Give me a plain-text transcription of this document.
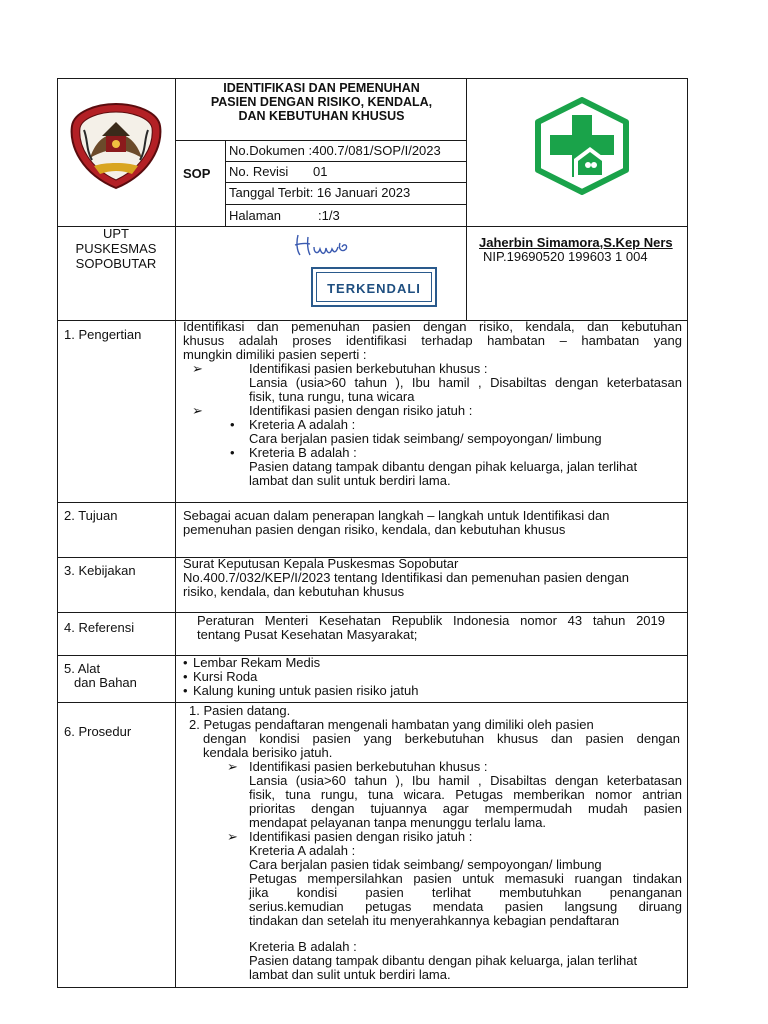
IDENTIFIKASI DAN PEMENUHAN
PASIEN DENGAN RISIKO, KENDALA,
DAN KEBUTUHAN KHUSUS
SOP
No.Dokumen :400.7/081/SOP/I/2023
No. Revisi 01
Tanggal Terbit: 16 Januari 2023
Halaman	:1/3
UPT
PUSKESMAS
SOPOBUTAR
TERKENDALI
Jaherbin Simamora,S.Kep Ners
NIP.19690520 199603 1 004
1. Pengertian
Identifikasi dan pemenuhan pasien dengan risiko, kendala, dan kebutuhan
khusus adalah proses identifikasi terhadap hambatan – hambatan yang
mungkin dimiliki pasien seperti :
➢	Identifikasi pasien berkebutuhan khusus :
Lansia (usia>60 tahun ), Ibu hamil , Disabiltas dengan keterbatasan
fisik, tuna rungu, tuna wicara
➢	Identifikasi pasien dengan risiko jatuh :
• Kreteria A adalah :
Cara berjalan pasien tidak seimbang/ sempoyongan/ limbung
• Kreteria B adalah :
Pasien datang tampak dibantu dengan pihak keluarga, jalan terlihat
lambat dan sulit untuk berdiri lama.
2. Tujuan	Sebagai acuan dalam penerapan langkah – langkah untuk Identifikasi dan
pemenuhan pasien dengan risiko, kendala, dan kebutuhan khusus
3. Kebijakan	Surat Keputusan Kepala Puskesmas Sopobutar
No.400.7/032/KEP/I/2023 tentang Identifikasi dan pemenuhan pasien dengan
risiko, kendala, dan kebutuhan khusus
4. Referensi	Peraturan Menteri Kesehatan Republik Indonesia nomor 43 tahun 2019
tentang Pusat Kesehatan Masyarakat;
5. Alat
dan Bahan
• Lembar Rekam Medis
• Kursi Roda
• Kalung kuning untuk pasien risiko jatuh
6. Prosedur
1. Pasien datang.
2. Petugas pendaftaran mengenali hambatan yang dimiliki oleh pasien
dengan kondisi pasien yang berkebutuhan khusus dan pasien dengan
kendala berisiko jatuh.
➢ Identifikasi pasien berkebutuhan khusus :
Lansia (usia>60 tahun ), Ibu hamil , Disabiltas dengan keterbatasan
fisik, tuna rungu, tuna wicara. Petugas memberikan nomor antrian
prioritas dengan tujuannya agar mempermudah mudah pasien
mendapat pelayanan tanpa menunggu terlalu lama.
➢ Identifikasi pasien dengan risiko jatuh :
Kreteria A adalah :
Cara berjalan pasien tidak seimbang/ sempoyongan/ limbung
Petugas mempersilahkan pasien untuk memasuki ruangan tindakan
jika kondisi pasien terlihat membutuhkan penanganan
serius.kemudian petugas mendata pasien langsung diruang
tindakan dan setelah itu menyerahkannya kebagian pendaftaran
Kreteria B adalah :
Pasien datang tampak dibantu dengan pihak keluarga, jalan terlihat
lambat dan sulit untuk berdiri lama.
